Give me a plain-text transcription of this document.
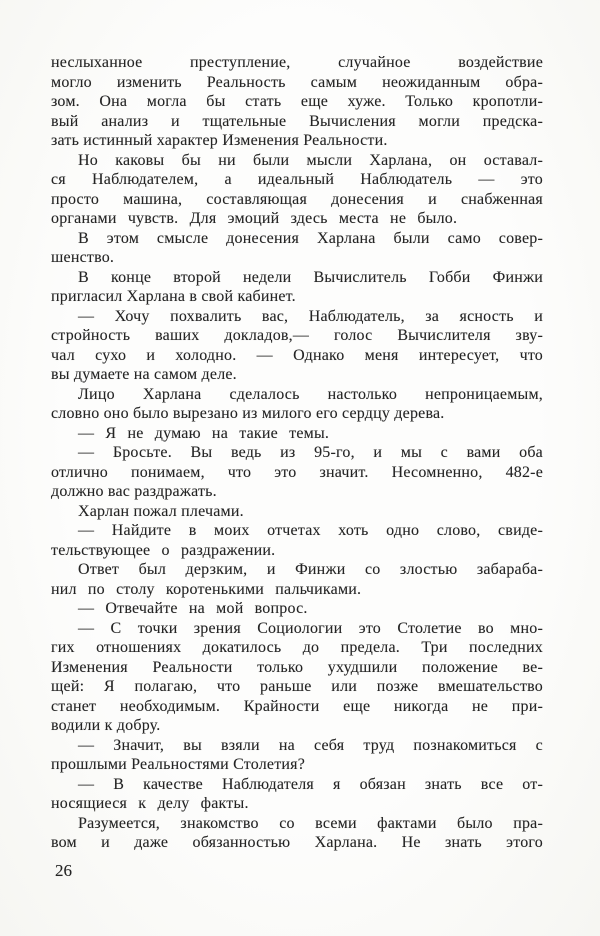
неслыханное преступление, случайное воздействие
могло изменить Реальность самым неожиданным обра-
зом. Она могла бы стать еще хуже. Только кропотли-
вый анализ и тщательные Вычисления могли предска-
зать истинный характер Изменения Реальности.
Но каковы бы ни были мысли Харлана, он оставал-
ся Наблюдателем, а идеальный Наблюдатель — это
просто машина, составляющая донесения и снабженная
органами чувств. Для эмоций здесь места не было.
В этом смысле донесения Харлана были само совер-
шенство.
В конце второй недели Вычислитель Гобби Финжи
пригласил Харлана в свой кабинет.
— Хочу похвалить вас, Наблюдатель, за ясность и
стройность ваших докладов,— голос Вычислителя зву-
чал сухо и холодно. — Однако меня интересует, что
вы думаете на самом деле.
Лицо Харлана сделалось настолько непроницаемым,
словно оно было вырезано из милого его сердцу дерева.
— Я не думаю на такие темы.
— Бросьте. Вы ведь из 95-го, и мы с вами оба
отлично понимаем, что это значит. Несомненно, 482-е
должно вас раздражать.
Харлан пожал плечами.
— Найдите в моих отчетах хоть одно слово, свиде-
тельствующее о раздражении.
Ответ был дерзким, и Финжи со злостью забараба-
нил по столу коротенькими пальчиками.
— Отвечайте на мой вопрос.
— С точки зрения Социологии это Столетие во мно-
гих отношениях докатилось до предела. Три последних
Изменения Реальности только ухудшили положение ве-
щей: Я полагаю, что раньше или позже вмешательство
станет необходимым. Крайности еще никогда не при-
водили к добру.
— Значит, вы взяли на себя труд познакомиться с
прошлыми Реальностями Столетия?
— В качестве Наблюдателя я обязан знать все от-
носящиеся к делу факты.
Разумеется, знакомство со всеми фактами было пра-
вом и даже обязанностью Харлана. Не знать этого
26
